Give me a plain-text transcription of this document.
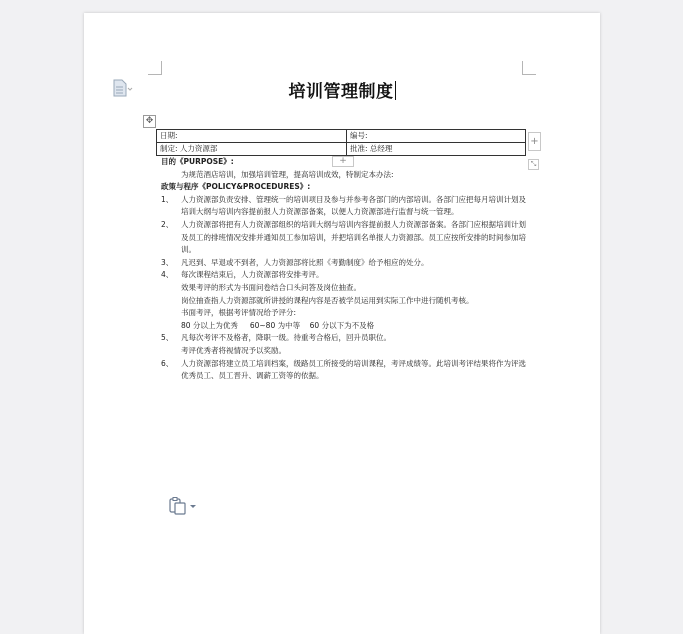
培训管理制度
✥
日期:	编号:
制定: 人力资源部	批准: 总经理
+
+	⤡

目的《PURPOSE》:

为规范酒店培训，加强培训管理，提高培训成效，特制定本办法:

政策与程序《POLICY&PROCEDURES》:

1、	人力资源部负责安排、管理统一的培训项目及参与并参考各部门的内部培训。各部门应把每月培训计划及培训大纲与培训内容提前报人力资源部备案，以便人力资源部进行监督与统一管理。
2、	人力资源部将把有人力资源部组织的培训大纲与培训内容提前报人力资源部备案。各部门应根据培训计划及员工的排班情况安排并通知员工参加培训，并把培训名单报人力资源部。员工应按所安排的时间参加培训。
3、	凡迟到、早退或不到者，人力资源部将比照《考勤制度》给予相应的处分。
4、	每次课程结束后，人力资源部将安排考评。

效果考评的形式为书面问卷结合口头问答及岗位抽查。

岗位抽查指人力资源部就所讲授的课程内容是否被学员运用到实际工作中进行随机考核。

书面考评，根据考评情况给予评分:

80 分以上为优秀     60~80 为中等    60 分以下为不及格

5、	凡每次考评不及格者，降职一级。待重考合格后，回升员职位。

考评优秀者将视情况予以奖励。

6、	人力资源部将建立员工培训档案，级路员工所接受的培训课程，考评成绩等。此培训考评结果将作为评选优秀员工、员工晋升、调薪工资等的依据。
